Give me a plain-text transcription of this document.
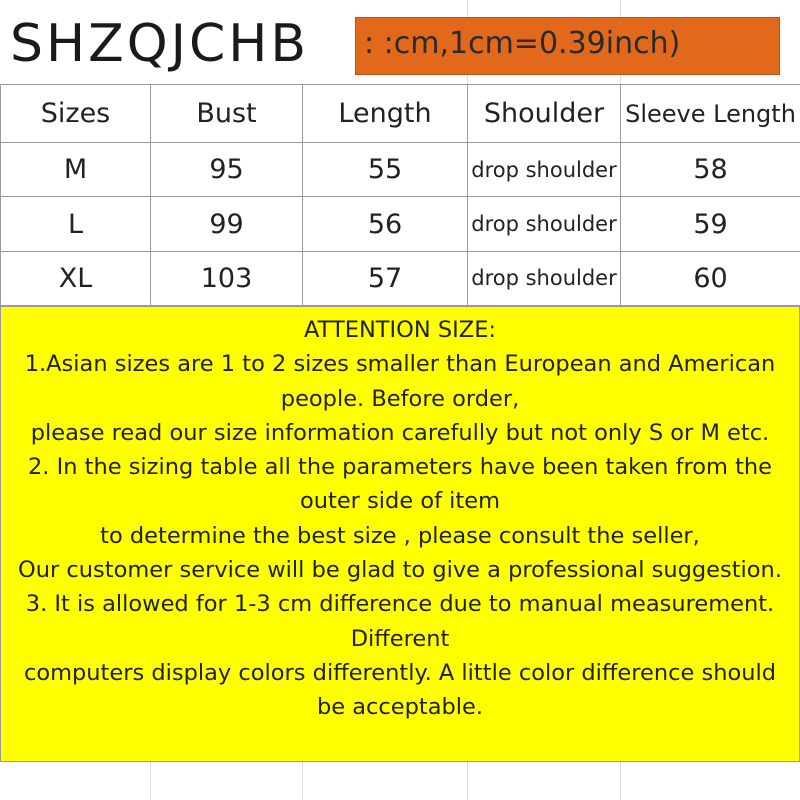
SHZQJCHB : :cm,1cm=0.39inch)
Sizes	Bust	Length	Shoulder	Sleeve Length
M	95	55	drop shoulder	58
L	99	56	drop shoulder	59
XL	103	57	drop shoulder	60
ATTENTION SIZE:
1.Asian sizes are 1 to 2 sizes smaller than European and American
people. Before order,
please read our size information carefully but not only S or M etc.
2. In the sizing table all the parameters have been taken from the
outer side of item
to determine the best size , please consult the seller,
Our customer service will be glad to give a professional suggestion.
3. It is allowed for 1-3 cm difference due to manual measurement.
Different
computers display colors differently. A little color difference should
be acceptable.
